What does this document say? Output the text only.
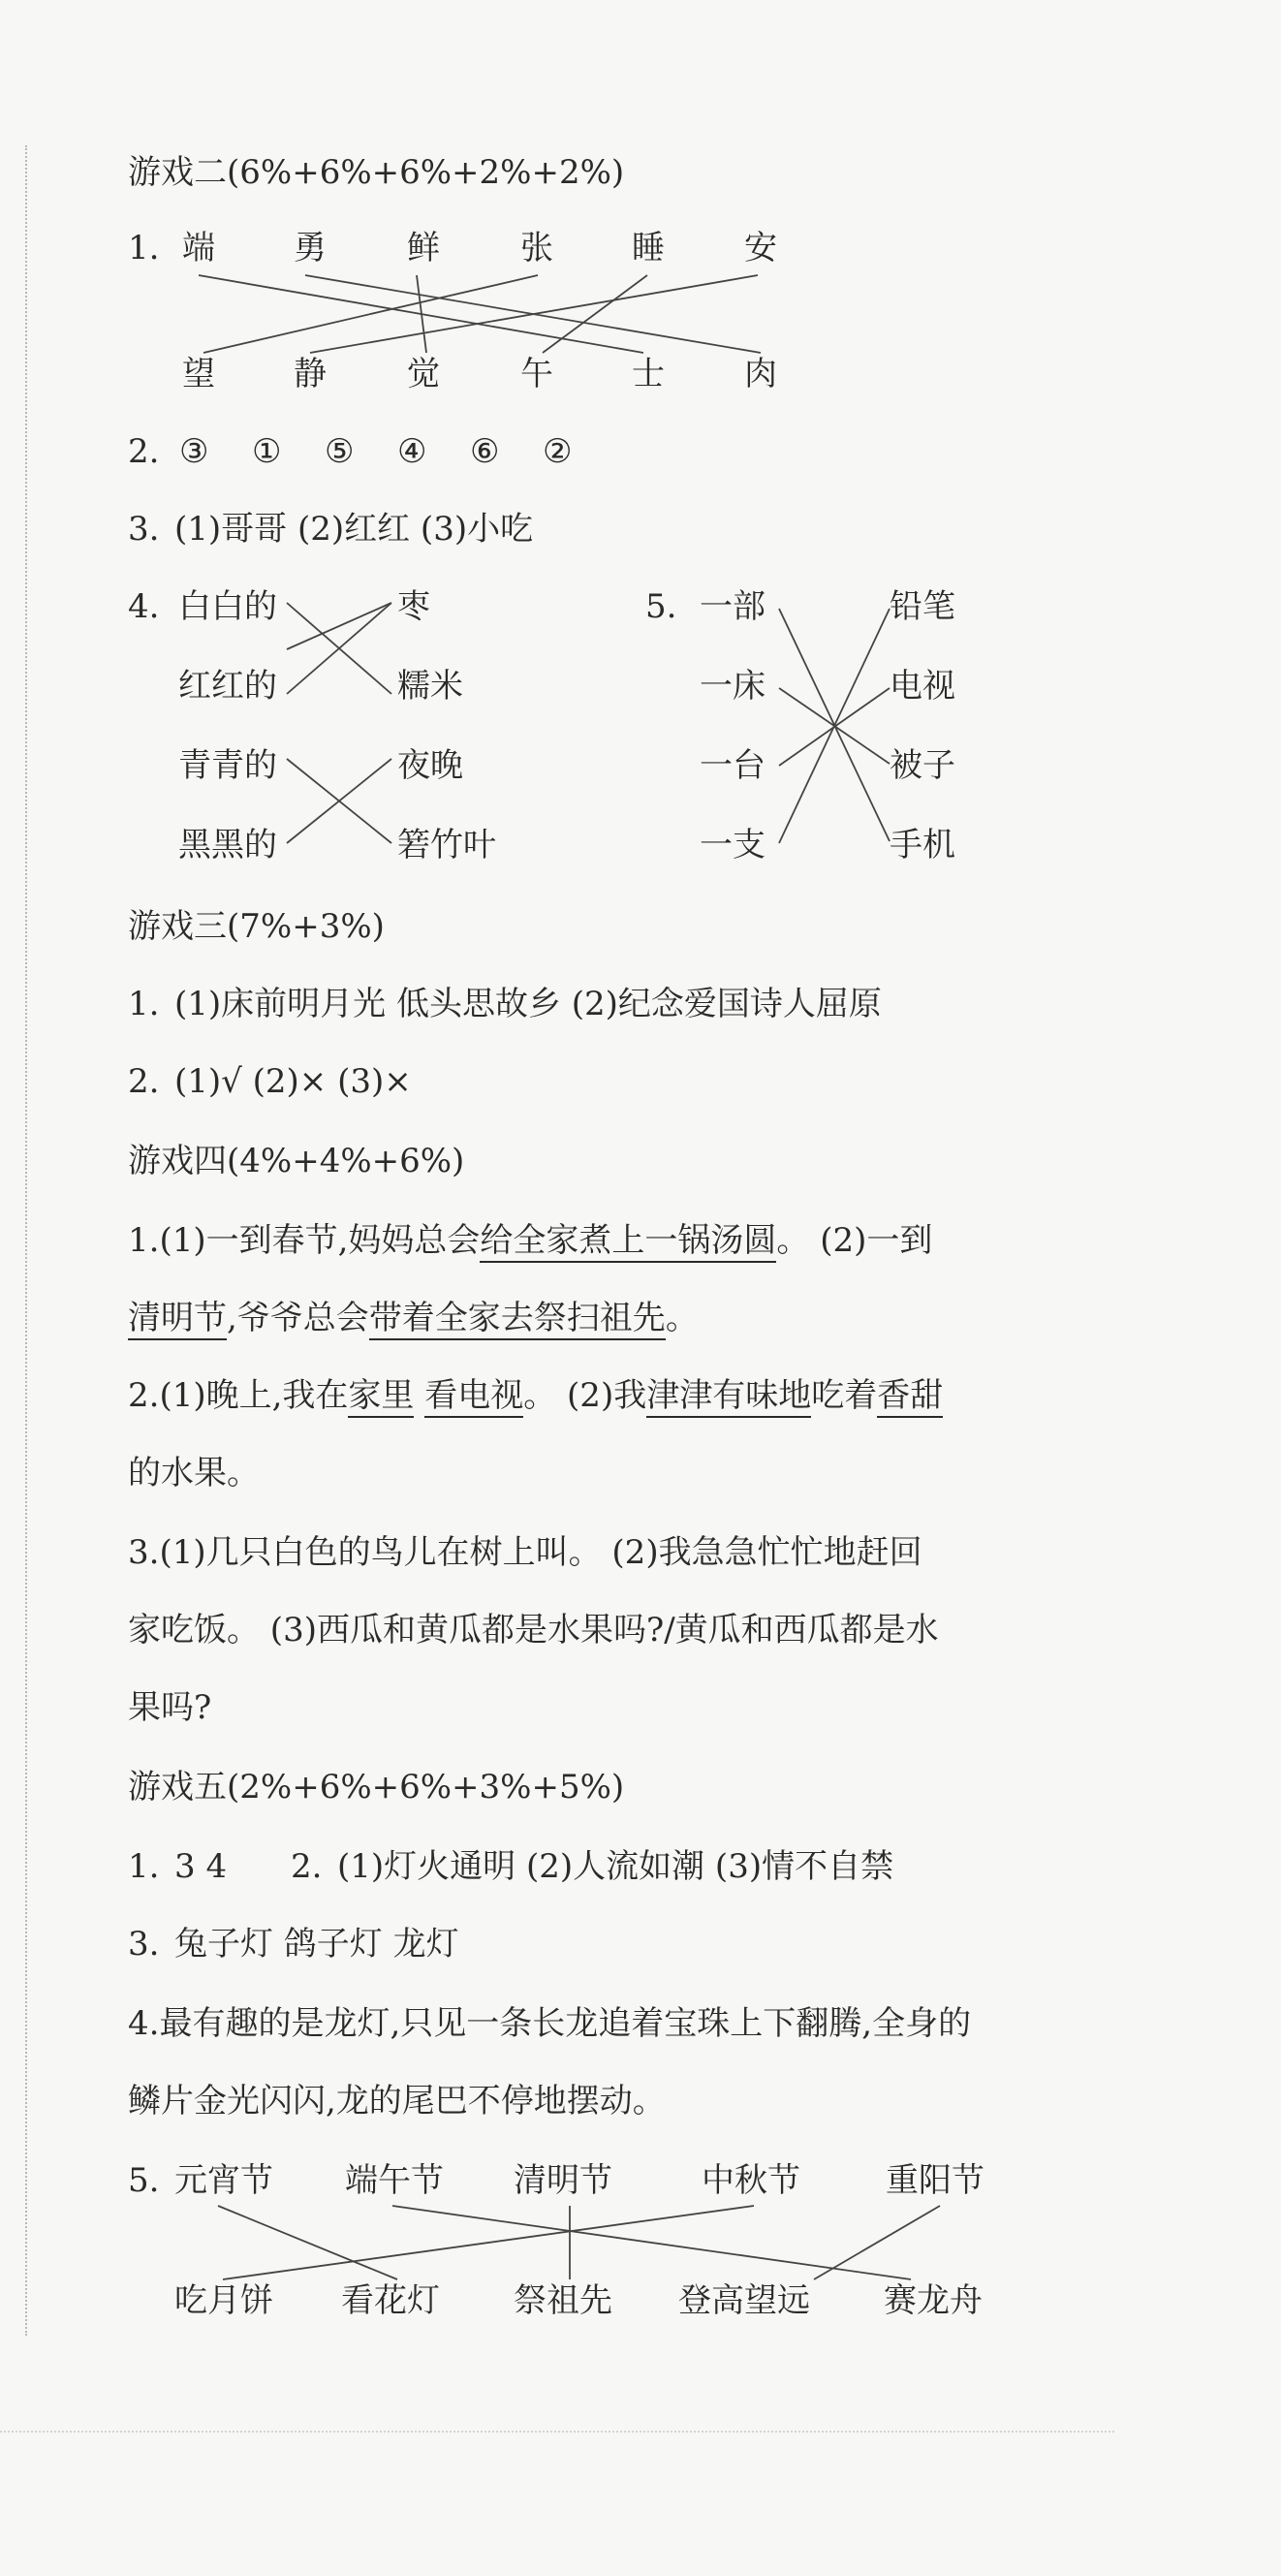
游戏二(6%+6%+6%+2%+2%)
1. 端 勇 鲜 张 睡 安
望 静 觉 午 士 肉
2. ③ ① ⑤ ④ ⑥ ②
3. (1)哥哥 (2)红红 (3)小吃
4. 白白的
红红的
青青的
黑黑的
枣
糯米
夜晚
箬竹叶
5. 一部
一床
一台
一支
铅笔
电视
被子
手机
游戏三(7%+3%)
1. (1)床前明月光 低头思故乡 (2)纪念爱国诗人屈原
2. (1)√ (2)× (3)×
游戏四(4%+4%+6%)
1.(1)一到春节,妈妈总会给全家煮上一锅汤圆。 (2)一到
清明节,爷爷总会带着全家去祭扫祖先。
2.(1)晚上,我在家里 看电视。 (2)我津津有味地吃着香甜
的水果。
3.(1)几只白色的鸟儿在树上叫。 (2)我急急忙忙地赶回
家吃饭。 (3)西瓜和黄瓜都是水果吗?/黄瓜和西瓜都是水
果吗?
游戏五(2%+6%+6%+3%+5%)
1. 3 4 2. (1)灯火通明 (2)人流如潮 (3)情不自禁
3. 兔子灯 鸽子灯 龙灯
4.最有趣的是龙灯,只见一条长龙追着宝珠上下翻腾,全身的
鳞片金光闪闪,龙的尾巴不停地摆动。
5. 元宵节 端午节 清明节	中秋节	重阳节
吃月饼 看花灯 祭祖先 登高望远 赛龙舟
